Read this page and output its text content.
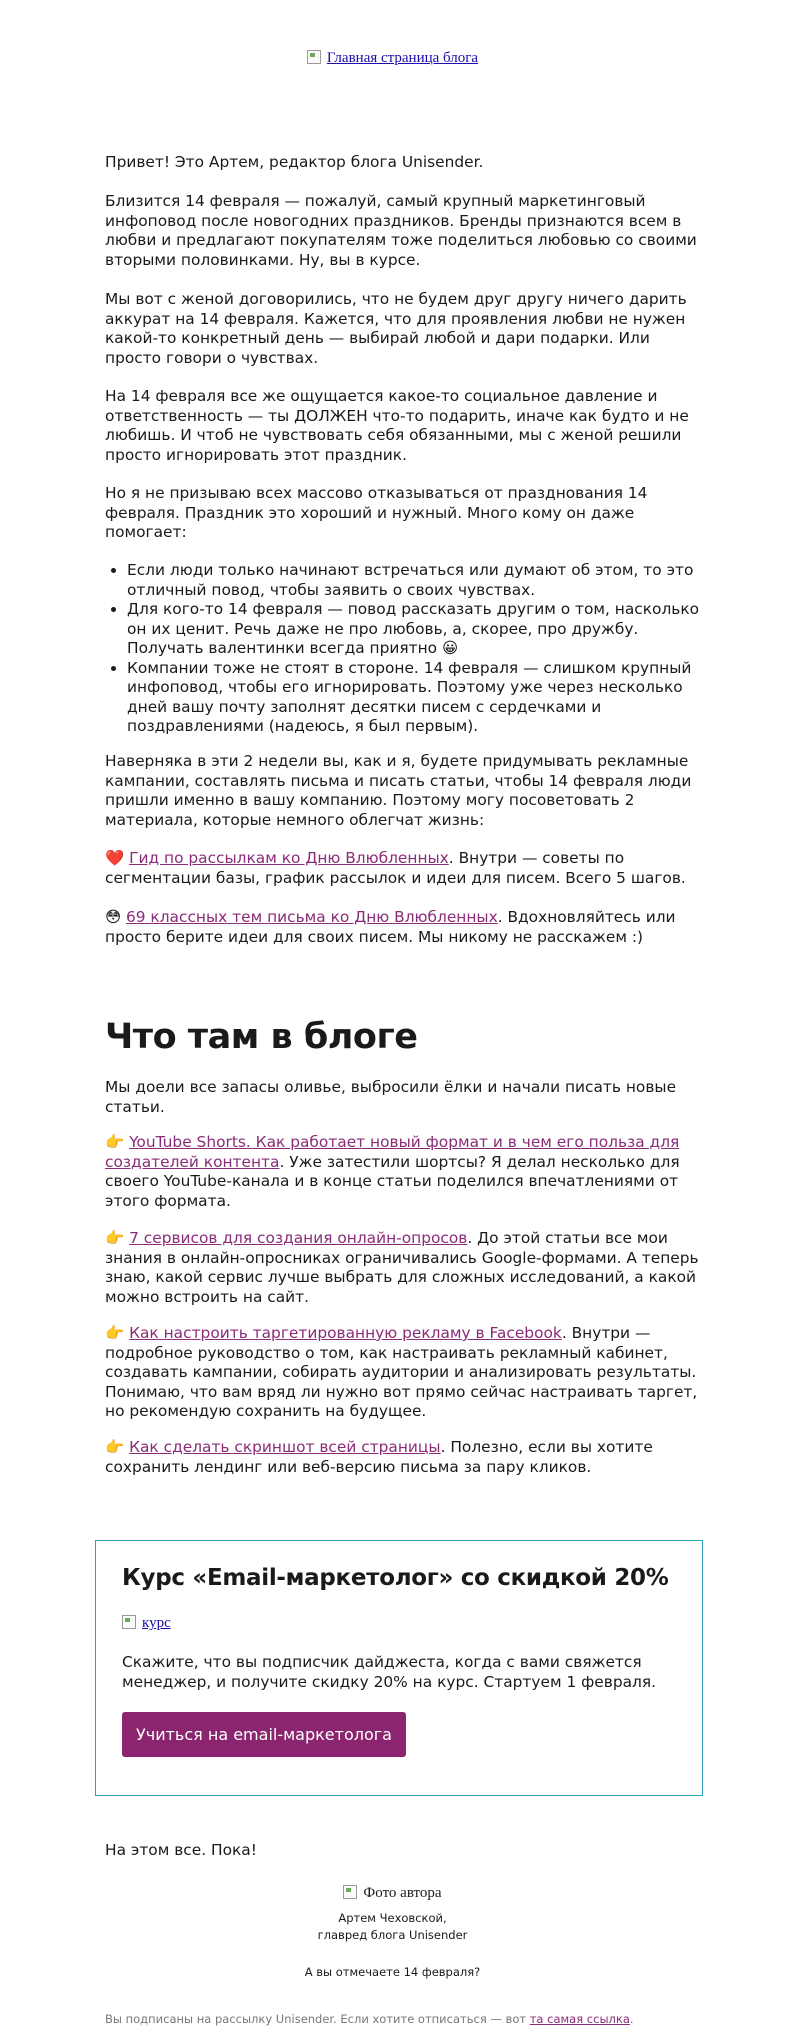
Главная страница блога

Привет! Это Артем, редактор блога Unisender.

Близится 14 февраля — пожалуй, самый крупный маркетинговый инфоповод после новогодних праздников. Бренды признаются всем в любви и предлагают покупателям тоже поделиться любовью со своими вторыми половинками. Ну, вы в курсе.

Мы вот с женой договорились, что не будем друг другу ничего дарить аккурат на 14 февраля. Кажется, что для проявления любви не нужен какой-то конкретный день — выбирай любой и дари подарки. Или просто говори о чувствах.

На 14 февраля все же ощущается какое-то социальное давление и ответственность — ты ДОЛЖЕН что-то подарить, иначе как будто и не любишь. И чтоб не чувствовать себя обязанными, мы с женой решили просто игнорировать этот праздник.

Но я не призываю всех массово отказываться от празднования 14 февраля. Праздник это хороший и нужный. Много кому он даже помогает:

• Если люди только начинают встречаться или думают об этом, то это отличный повод, чтобы заявить о своих чувствах.
• Для кого-то 14 февраля — повод рассказать другим о том, насколько он их ценит. Речь даже не про любовь, а, скорее, про дружбу. Получать валентинки всегда приятно 😀
• Компании тоже не стоят в стороне. 14 февраля — слишком крупный инфоповод, чтобы его игнорировать. Поэтому уже через несколько дней вашу почту заполнят десятки писем с сердечками и поздравлениями (надеюсь, я был первым).

Наверняка в эти 2 недели вы, как и я, будете придумывать рекламные кампании, составлять письма и писать статьи, чтобы 14 февраля люди пришли именно в вашу компанию. Поэтому могу посоветовать 2 материала, которые немного облегчат жизнь:

❤️ Гид по рассылкам ко Дню Влюбленных. Внутри — советы по сегментации базы, график рассылок и идеи для писем. Всего 5 шагов.

😳 69 классных тем письма ко Дню Влюбленных. Вдохновляйтесь или просто берите идеи для своих писем. Мы никому не расскажем :)

Что там в блоге

Мы доели все запасы оливье, выбросили ёлки и начали писать новые статьи.

👉 YouTube Shorts. Как работает новый формат и в чем его польза для создателей контента. Уже затестили шортсы? Я делал несколько для своего YouTube-канала и в конце статьи поделился впечатлениями от этого формата.

👉 7 сервисов для создания онлайн-опросов. До этой статьи все мои знания в онлайн-опросниках ограничивались Google-формами. А теперь знаю, какой сервис лучше выбрать для сложных исследований, а какой можно встроить на сайт.

👉 Как настроить таргетированную рекламу в Facebook. Внутри — подробное руководство о том, как настраивать рекламный кабинет, создавать кампании, собирать аудитории и анализировать результаты. Понимаю, что вам вряд ли нужно вот прямо сейчас настраивать таргет, но рекомендую сохранить на будущее.

👉 Как сделать скриншот всей страницы. Полезно, если вы хотите сохранить лендинг или веб-версию письма за пару кликов.

Курс «Email-маркетолог» со скидкой 20%
курс

Скажите, что вы подписчик дайджеста, когда с вами свяжется менеджер, и получите скидку 20% на курс. Стартуем 1 февраля.

Учиться на email-маркетолога

На этом все. Пока!

Фото автора
Артем Чеховской,
главред блога Unisender
А вы отмечаете 14 февраля?
Вы подписаны на рассылку Unisender. Если хотите отписаться — вот та самая ссылка.
